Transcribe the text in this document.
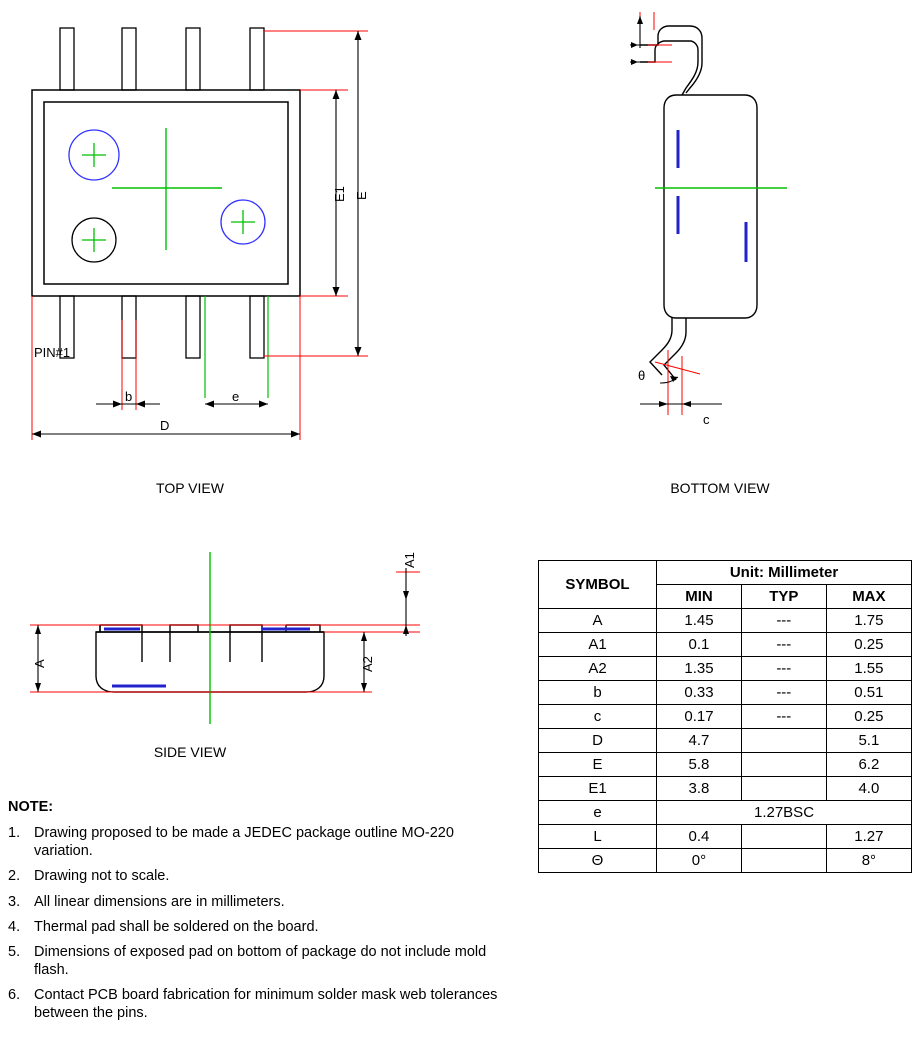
PIN#1
b	e
D
E
E1
A	A2
A1
θ
c
TOP VIEW	BOTTOM VIEW
SIDE VIEW
SYMBOL	Unit: Millimeter		
	MIN	TYP	MAX
A	1.45	---	1.75
A1	0.1	---	0.25
A2	1.35	---	1.55
b	0.33	---	0.51
c	0.17	---	0.25
D	4.7		5.1
E	5.8		6.2
E1	3.8		4.0
e	1.27BSC		
L	0.4		1.27
Θ	0°		8°
NOTE:
1. Drawing proposed to be made a JEDEC package outline MO-220 variation.
2. Drawing not to scale.
3. All linear dimensions are in millimeters.
4. Thermal pad shall be soldered on the board.
5. Dimensions of exposed pad on bottom of package do not include mold flash.
6. Contact PCB board fabrication for minimum solder mask web tolerances between the pins.
